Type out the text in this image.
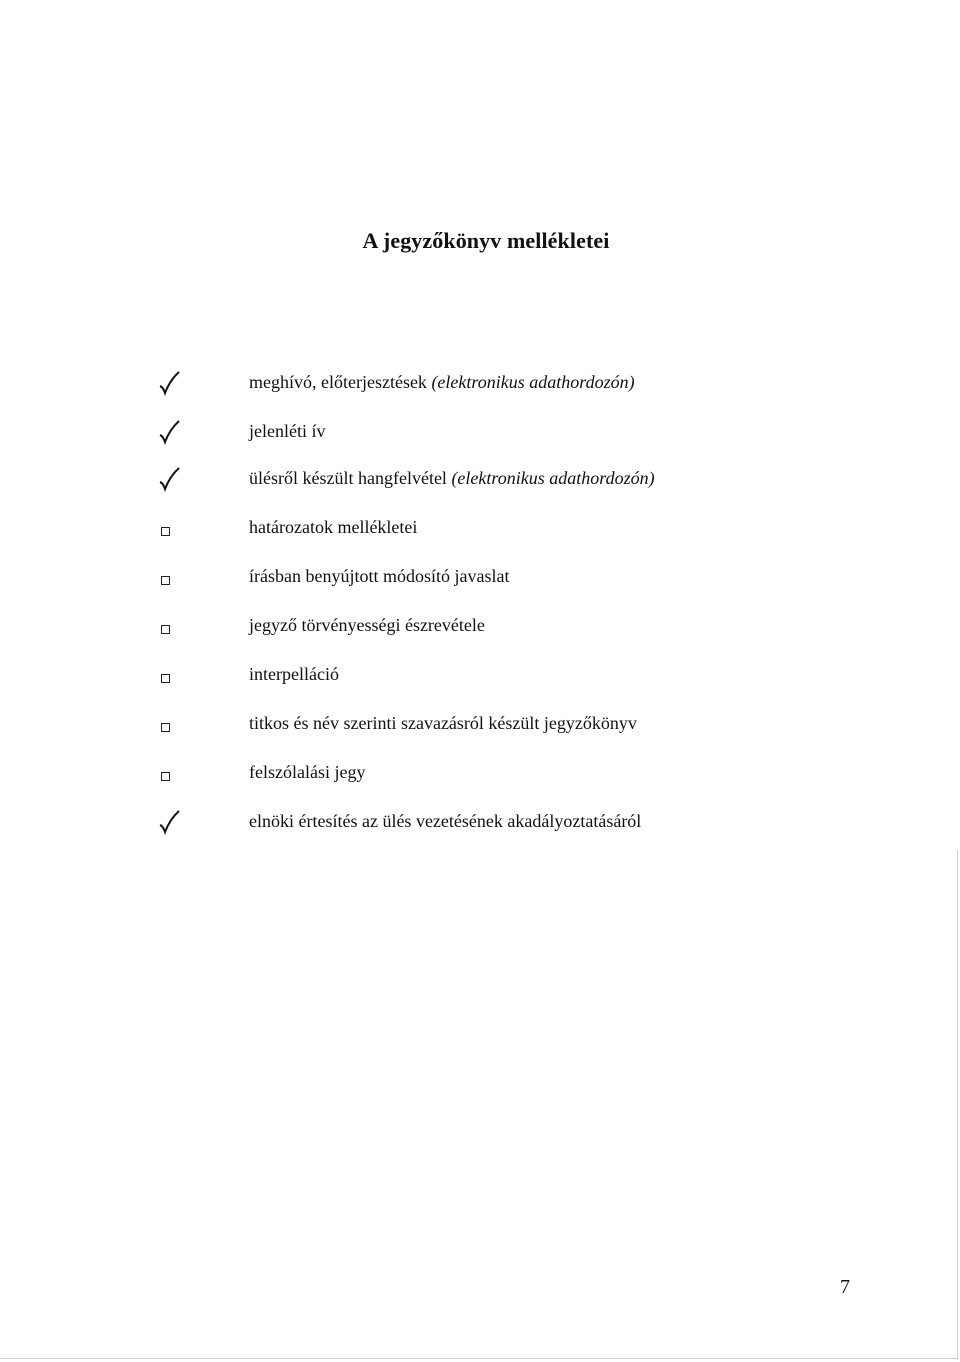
A jegyzőkönyv mellékletei
meghívó, előterjesztések (elektronikus adathordozón)
jelenléti ív
ülésről készült hangfelvétel (elektronikus adathordozón)
határozatok mellékletei
írásban benyújtott módosító javaslat
jegyző törvényességi észrevétele
interpelláció
titkos és név szerinti szavazásról készült jegyzőkönyv
felszólalási jegy
elnöki értesítés az ülés vezetésének akadályoztatásáról
7
